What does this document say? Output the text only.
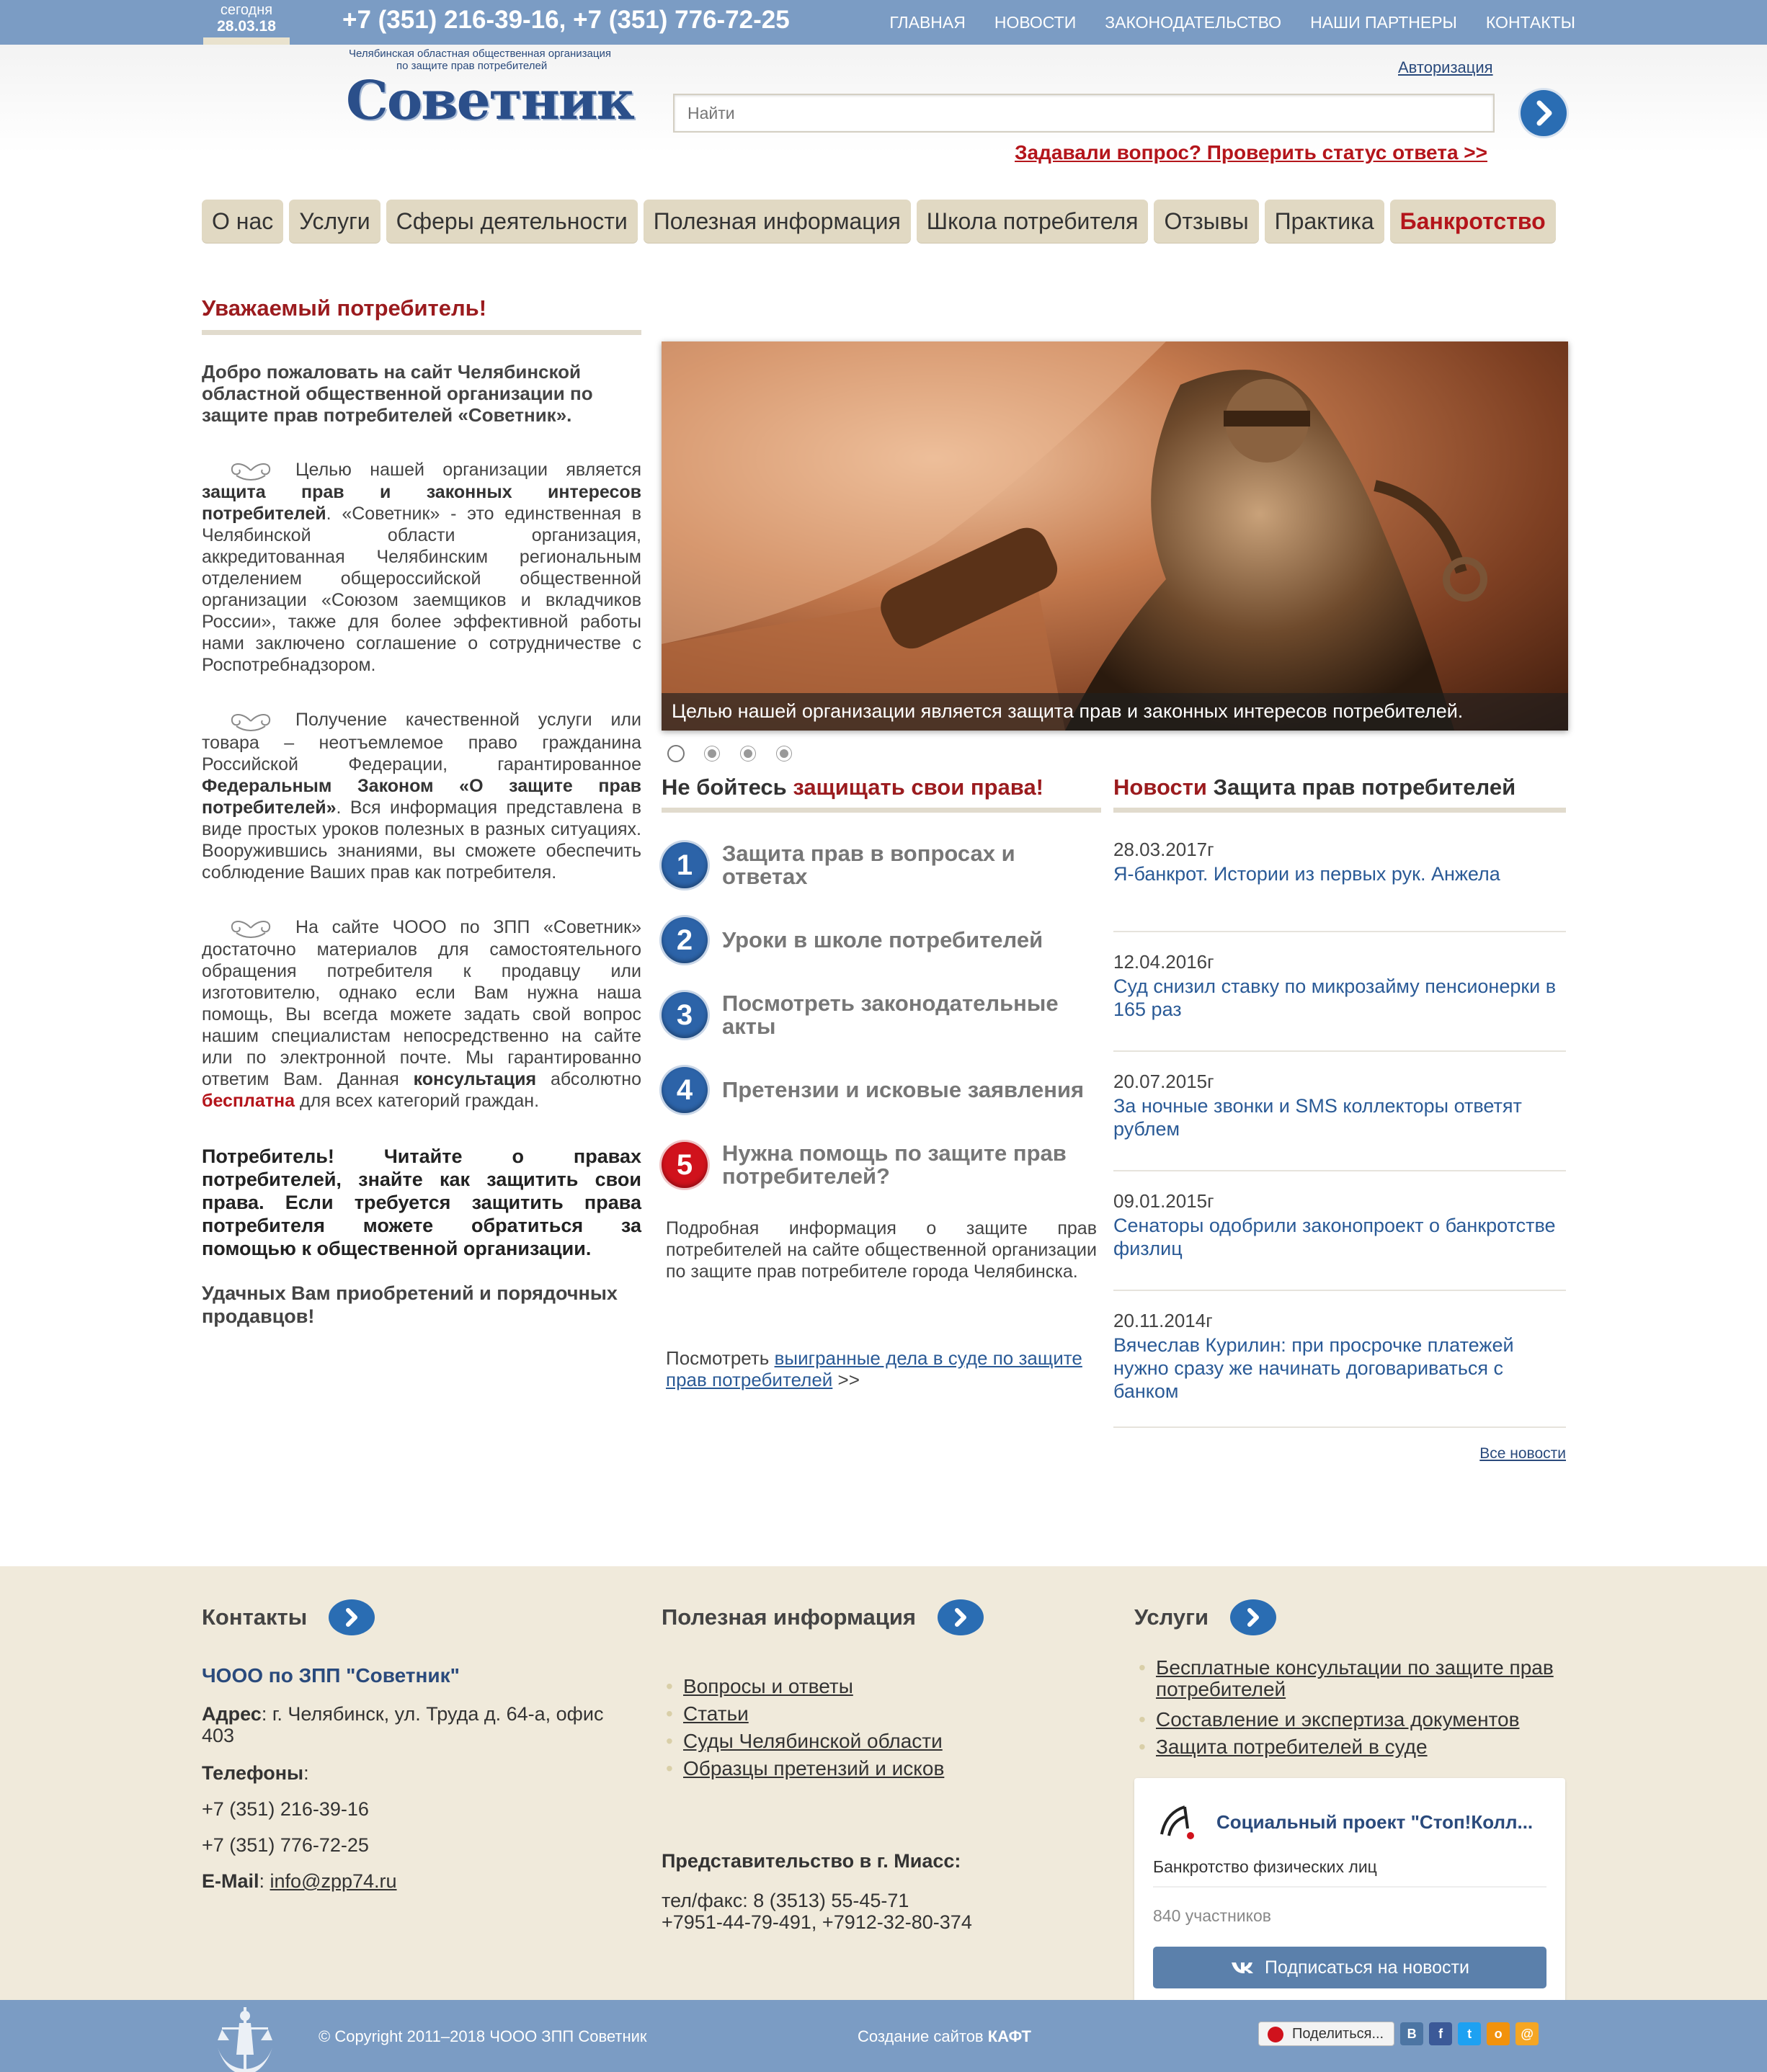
сегодня
28.03.18	+7 (351) 216-39-16, +7 (351) 776-72-25	ГЛАВНАЯ НОВОСТИ ЗАКОНОДАТЕЛЬСТВО НАШИ ПАРТНЕРЫ КОНТАКТЫ
Челябинская областная общественная организация
по защите прав потребителей
Советник
Авторизация
Найти
Задавали вопрос? Проверить статус ответа >>
О нас	Услуги	Сферы деятельности	Полезная информация	Школа потребителя	Отзывы	Практика	Банкротство
Уважаемый потребитель!
Добро пожаловать на сайт Челябинской областной общественной организации по защите прав потребителей «Советник».

Целью нашей организации является защита прав и законных интересов потребителей. «Советник» - это единственная в Челябинской области организация, аккредитованная Челябинским региональным отделением общероссийской общественной организации «Союзом заемщиков и вкладчиков России», также для более эффективной работы нами заключено соглашение о сотрудничестве с Роспотребнадзором.

Получение качественной услуги или товара – неотъемлемое право гражданина Российской Федерации, гарантированное Федеральным Законом «О защите прав потребителей». Вся информация представлена в виде простых уроков полезных в разных ситуациях. Вооружившись знаниями, вы сможете обеспечить соблюдение Ваших прав как потребителя.

На сайте ЧООО по ЗПП «Советник» достаточно материалов для самостоятельного обращения потребителя к продавцу или изготовителю, однако если Вам нужна наша помощь, Вы всегда можете задать свой вопрос нашим специалистам непосредственно на сайте или по электронной почте. Мы гарантированно ответим Вам. Данная консультация абсолютно бесплатна для всех категорий граждан.

Потребитель! Читайте о правах потребителей, знайте как защитить свои права. Если требуется защитить права потребителя можете обратиться за помощью к общественной организации.
Удачных Вам приобретений и порядочных продавцов!
Целью нашей организации является защита прав и законных интересов потребителей.
Не бойтесь защищать свои права!
1	Защита прав в вопросах и ответах
2	Уроки в школе потребителей
3	Посмотреть законодательные акты
4	Претензии и исковые заявления
5	Нужна помощь по защите прав потребителей?
Подробная информация о защите прав потребителей на сайте общественной организации по защите прав потребителе города Челябинска.
Посмотреть выигранные дела в суде по защите прав потребителей >>
Новости Защита прав потребителей
28.03.2017г
Я-банкрот. Истории из первых рук. Анжела
12.04.2016г
Суд снизил ставку по микрозайму пенсионерки в 165 раз
20.07.2015г
За ночные звонки и SMS коллекторы ответят рублем
09.01.2015г
Сенаторы одобрили законопроект о банкротстве физлиц
20.11.2014г
Вячеслав Курилин: при просрочке платежей нужно сразу же начинать договариваться с банком
Все новости
Контакты
ЧООО по ЗПП "Советник"
Адрес: г. Челябинск, ул. Труда д. 64-а, офис 403
Телефоны:
+7 (351) 216-39-16
+7 (351) 776-72-25
E-Mail: info@zpp74.ru
Полезная информация
• Вопросы и ответы
• Статьи
• Суды Челябинской области
• Образцы претензий и исков
Представительство в г. Миасс:
тел/факс: 8 (3513) 55-45-71
+7951-44-79-491, +7912-32-80-374
Услуги
• Бесплатные консультации по защите прав потребителей
• Составление и экспертиза документов
• Защита потребителей в суде
Социальный проект "Стоп!Колл...
Банкротство физических лиц
840 участников
Подписаться на новости
© Copyright 2011–2018 ЧООО ЗПП Советник	Создание сайтов КАФТ	Поделиться...	В	f	t	о	@
